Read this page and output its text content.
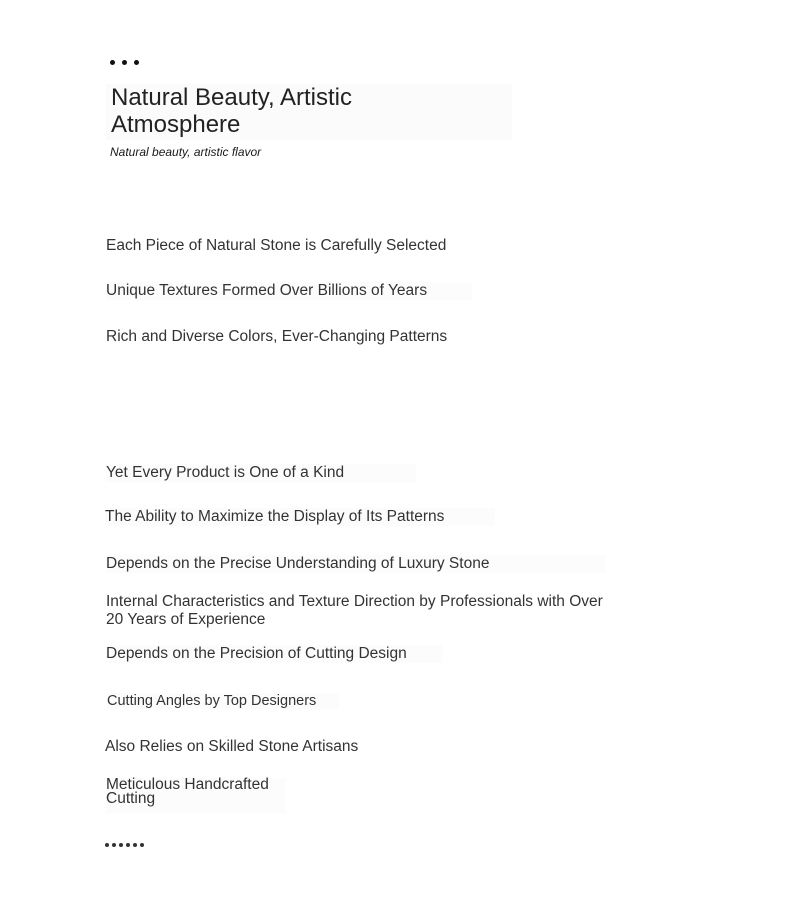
Natural Beauty, Artistic Atmosphere
Natural beauty, artistic flavor
Each Piece of Natural Stone is Carefully Selected
Unique Textures Formed Over Billions of Years
Rich and Diverse Colors, Ever-Changing Patterns
Yet Every Product is One of a Kind
The Ability to Maximize the Display of Its Patterns
Depends on the Precise Understanding of Luxury Stone
Internal Characteristics and Texture Direction by Professionals with Over 20 Years of Experience
Depends on the Precision of Cutting Design
Cutting Angles by Top Designers
Also Relies on Skilled Stone Artisans
Meticulous Handcrafted Cutting
